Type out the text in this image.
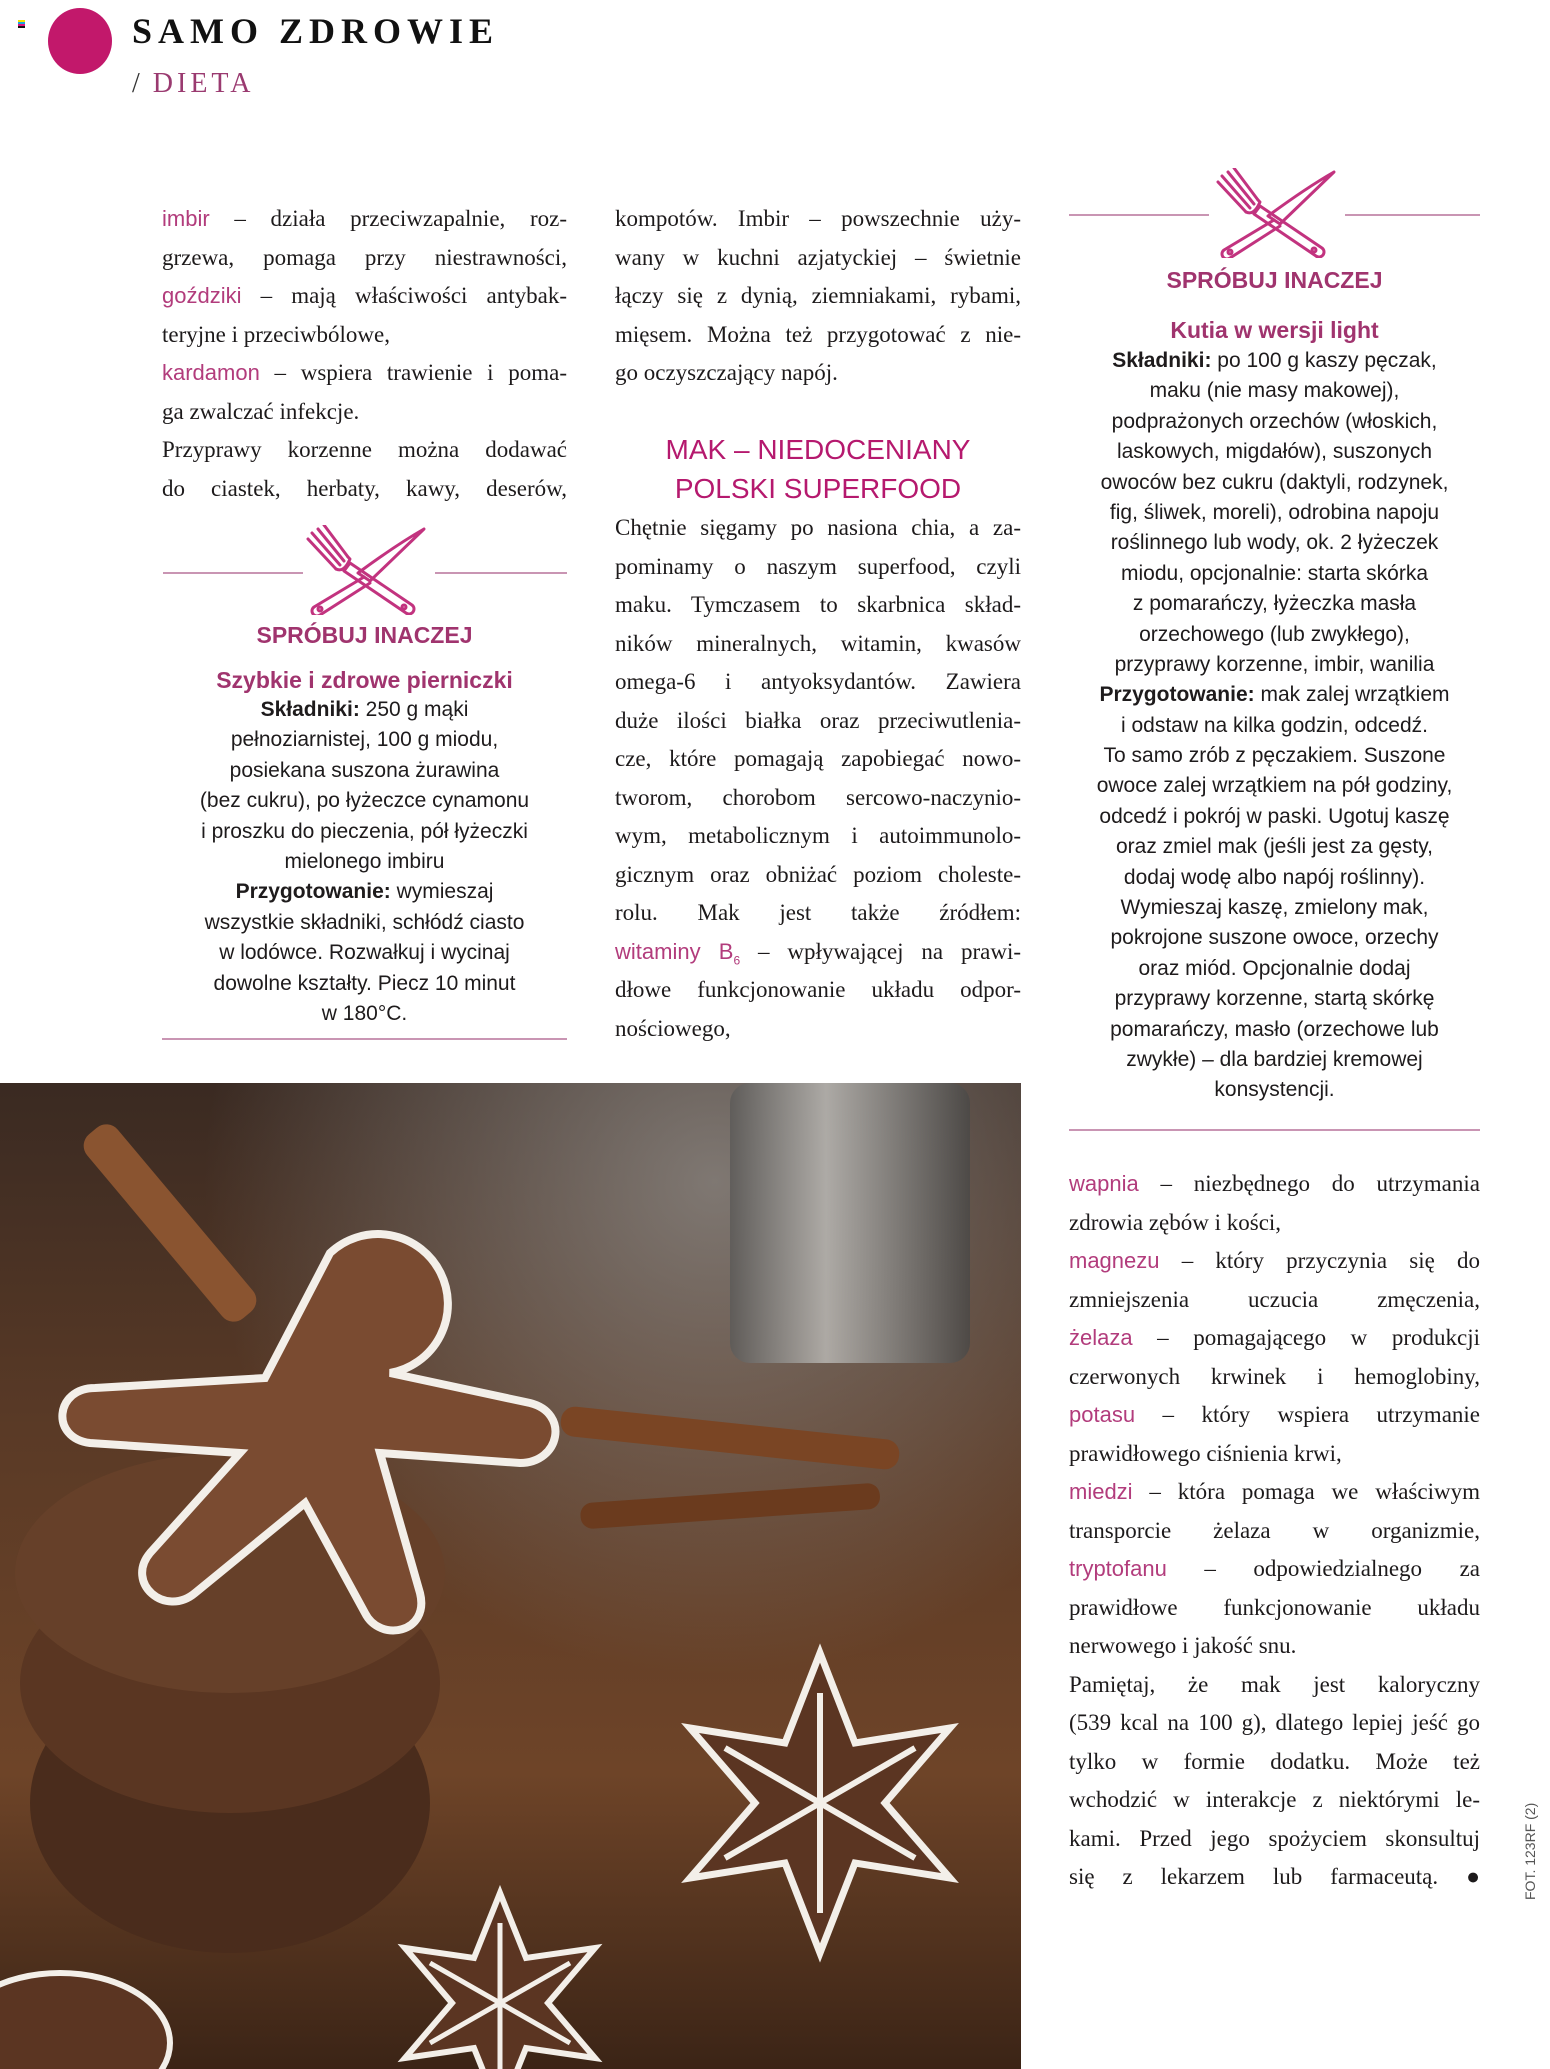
SAMO ZDROWIE
/ DIETA
imbir – działa przeciwzapalnie, roz-
grzewa, pomaga przy niestrawności,
goździki – mają właściwości antybak-
teryjne i przeciwbólowe,
kardamon – wspiera trawienie i poma-
ga zwalczać infekcje.
Przyprawy korzenne można dodawać
do ciastek, herbaty, kawy, deserów,
SPRÓBUJ INACZEJ
Szybkie i zdrowe pierniczki
Składniki: 250 g mąki
pełnoziarnistej, 100 g miodu,
posiekana suszona żurawina
(bez cukru), po łyżeczce cynamonu
i proszku do pieczenia, pół łyżeczki
mielonego imbiru
Przygotowanie: wymieszaj
wszystkie składniki, schłódź ciasto
w lodówce. Rozwałkuj i wycinaj
dowolne kształty. Piecz 10 minut
w 180°C.
kompotów. Imbir – powszechnie uży-
wany w kuchni azjatyckiej – świetnie
łączy się z dynią, ziemniakami, rybami,
mięsem. Można też przygotować z nie-
go oczyszczający napój.
MAK – NIEDOCENIANY
POLSKI SUPERFOOD
Chętnie sięgamy po nasiona chia, a za-
pominamy o naszym superfood, czyli
maku. Tymczasem to skarbnica skład-
ników mineralnych, witamin, kwasów
omega-6 i antyoksydantów. Zawiera
duże ilości białka oraz przeciwutlenia-
cze, które pomagają zapobiegać nowo-
tworom, chorobom sercowo-naczynio-
wym, metabolicznym i autoimmunolo-
gicznym oraz obniżać poziom choleste-
rolu. Mak jest także źródłem:
witaminy $B_6$ – wpływającej na prawi-
dłowe funkcjonowanie układu odpor-
nościowego,
SPRÓBUJ INACZEJ
Kutia w wersji light
Składniki: po 100 g kaszy pęczak,
maku (nie masy makowej),
podprażonych orzechów (włoskich,
laskowych, migdałów), suszonych
owoców bez cukru (daktyli, rodzynek,
fig, śliwek, moreli), odrobina napoju
roślinnego lub wody, ok. 2 łyżeczek
miodu, opcjonalnie: starta skórka
z pomarańczy, łyżeczka masła
orzechowego (lub zwykłego),
przyprawy korzenne, imbir, wanilia
Przygotowanie: mak zalej wrzątkiem
i odstaw na kilka godzin, odcedź.
To samo zrób z pęczakiem. Suszone
owoce zalej wrzątkiem na pół godziny,
odcedź i pokrój w paski. Ugotuj kaszę
oraz zmiel mak (jeśli jest za gęsty,
dodaj wodę albo napój roślinny).
Wymieszaj kaszę, zmielony mak,
pokrojone suszone owoce, orzechy
oraz miód. Opcjonalnie dodaj
przyprawy korzenne, startą skórkę
pomarańczy, masło (orzechowe lub
zwykłe) – dla bardziej kremowej
konsystencji.
wapnia – niezbędnego do utrzymania
zdrowia zębów i kości,
magnezu – który przyczynia się do
zmniejszenia uczucia zmęczenia,
żelaza – pomagającego w produkcji
czerwonych krwinek i hemoglobiny,
potasu – który wspiera utrzymanie
prawidłowego ciśnienia krwi,
miedzi – która pomaga we właściwym
transporcie żelaza w organizmie,
tryptofanu – odpowiedzialnego za
prawidłowe funkcjonowanie układu
nerwowego i jakość snu.
Pamiętaj, że mak jest kaloryczny
(539 kcal na 100 g), dlatego lepiej jeść go
tylko w formie dodatku. Może też
wchodzić w interakcje z niektórymi le-
kami. Przed jego spożyciem skonsultuj
się z lekarzem lub farmaceutą. ●	FOT. 123RF (2)
